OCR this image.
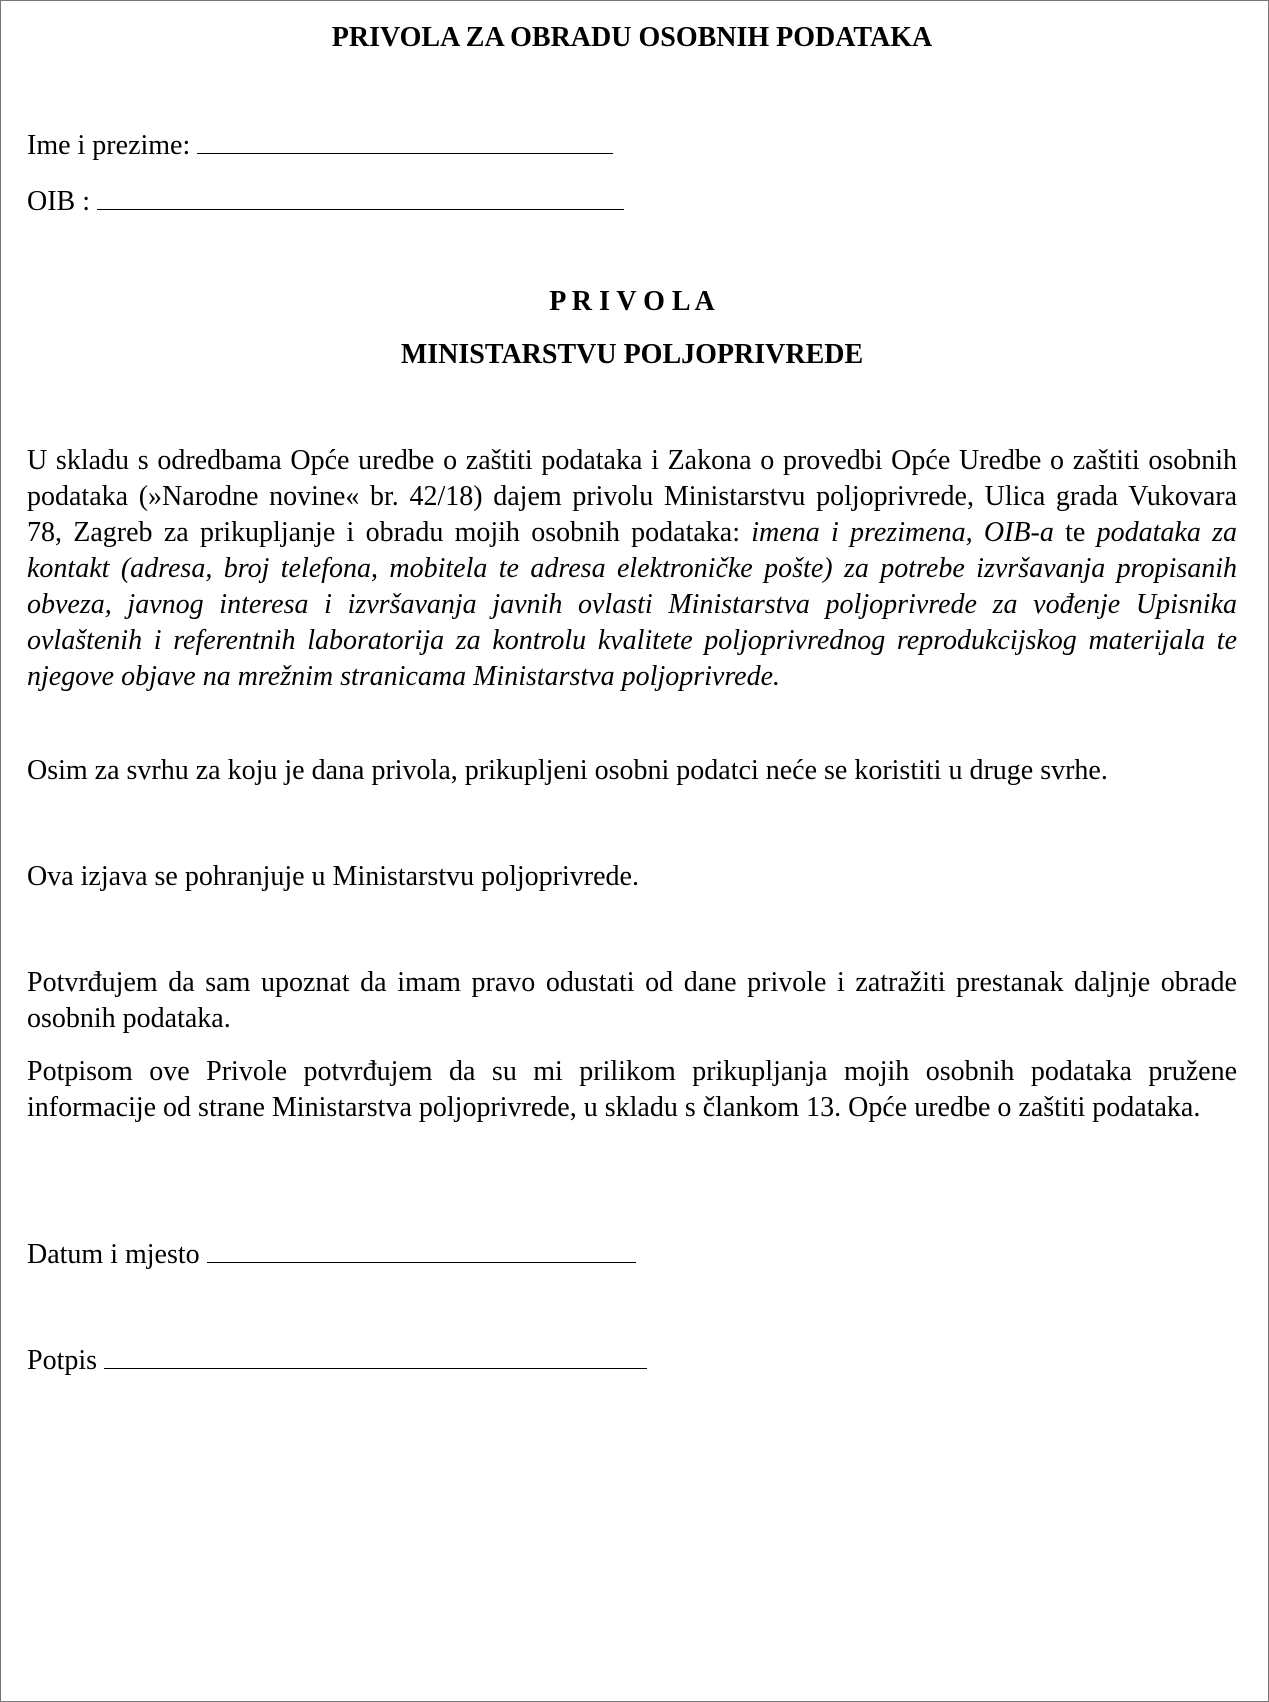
PRIVOLA ZA OBRADU OSOBNIH PODATAKA
Ime i prezime:
OIB :
P R I V O L A
MINISTARSTVU POLJOPRIVREDE
U skladu s odredbama Opće uredbe o zaštiti podataka i Zakona o provedbi Opće Uredbe o zaštiti osobnih podataka (»Narodne novine« br. 42/18) dajem privolu Ministarstvu poljoprivrede, Ulica grada Vukovara 78, Zagreb za prikupljanje i obradu mojih osobnih podataka: imena i prezimena, OIB-a te podataka za kontakt (adresa, broj telefona, mobitela te adresa elektroničke pošte) za potrebe izvršavanja propisanih obveza, javnog interesa i izvršavanja javnih ovlasti Ministarstva poljoprivrede za vođenje Upisnika ovlaštenih i referentnih laboratorija za kontrolu kvalitete poljoprivrednog reprodukcijskog materijala te njegove objave na mrežnim stranicama Ministarstva poljoprivrede.
Osim za svrhu za koju je dana privola, prikupljeni osobni podatci neće se koristiti u druge svrhe.
Ova izjava se pohranjuje u Ministarstvu poljoprivrede.
Potvrđujem da sam upoznat da imam pravo odustati od dane privole i zatražiti prestanak daljnje obrade osobnih podataka.
Potpisom ove Privole potvrđujem da su mi prilikom prikupljanja mojih osobnih podataka pružene informacije od strane Ministarstva poljoprivrede, u skladu s člankom 13. Opće uredbe o zaštiti podataka.
Datum i mjesto
Potpis
